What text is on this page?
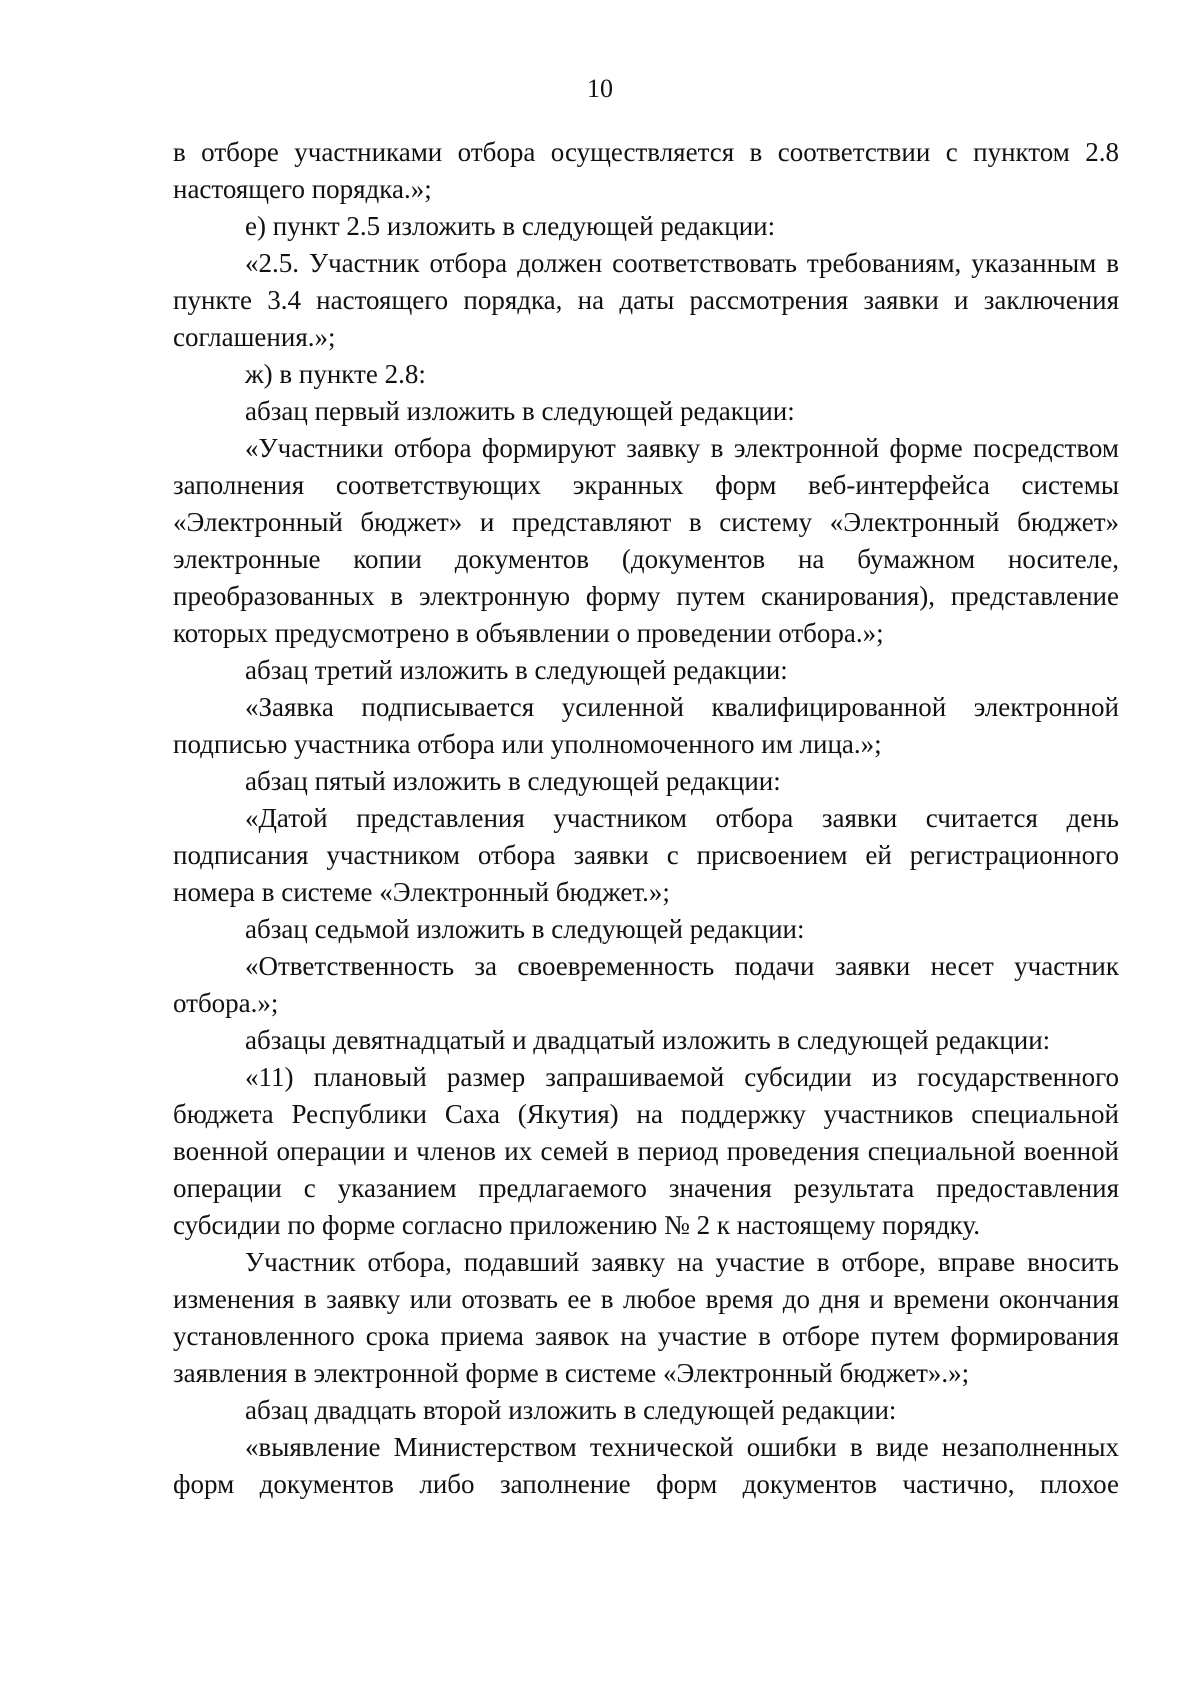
10

в отборе участниками отбора осуществляется в соответствии с пунктом 2.8 настоящего порядка.»;

е) пункт 2.5 изложить в следующей редакции:

«2.5. Участник отбора должен соответствовать требованиям, указанным в пункте 3.4 настоящего порядка, на даты рассмотрения заявки и заключения соглашения.»;

ж) в пункте 2.8:

абзац первый изложить в следующей редакции:

«Участники отбора формируют заявку в электронной форме посредством заполнения соответствующих экранных форм веб-интерфейса системы «Электронный бюджет» и представляют в систему «Электронный бюджет» электронные копии документов (документов на бумажном носителе, преобразованных в электронную форму путем сканирования), представление которых предусмотрено в объявлении о проведении отбора.»;

абзац третий изложить в следующей редакции:

«Заявка подписывается усиленной квалифицированной электронной подписью участника отбора или уполномоченного им лица.»;

абзац пятый изложить в следующей редакции:

«Датой представления участником отбора заявки считается день подписания участником отбора заявки с присвоением ей регистрационного номера в системе «Электронный бюджет.»;

абзац седьмой изложить в следующей редакции:

«Ответственность за своевременность подачи заявки несет участник отбора.»;

абзацы девятнадцатый и двадцатый изложить в следующей редакции:

«11) плановый размер запрашиваемой субсидии из государственного бюджета Республики Саха (Якутия) на поддержку участников специальной военной операции и членов их семей в период проведения специальной военной операции с указанием предлагаемого значения результата предоставления субсидии по форме согласно приложению № 2 к настоящему порядку.

Участник отбора, подавший заявку на участие в отборе, вправе вносить изменения в заявку или отозвать ее в любое время до дня и времени окончания установленного срока приема заявок на участие в отборе путем формирования заявления в электронной форме в системе «Электронный бюджет».»;

абзац двадцать второй изложить в следующей редакции:

«выявление Министерством технической ошибки в виде незаполненных форм документов либо заполнение форм документов частично, плохое
